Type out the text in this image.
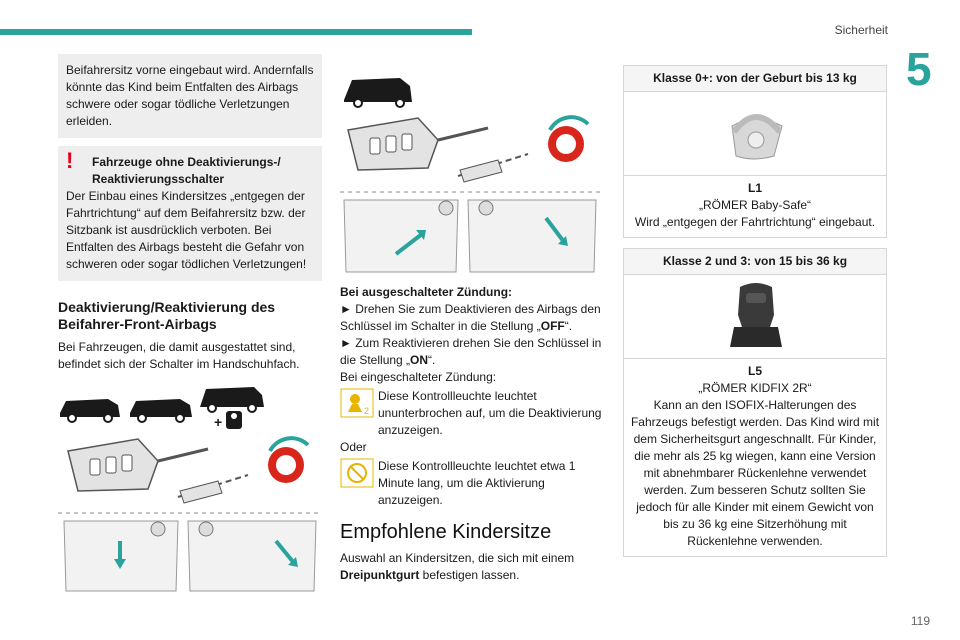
Sicherheit
5
119
Beifahrersitz vorne eingebaut wird. Andernfalls könnte das Kind beim Entfalten des Airbags schwere oder sogar tödliche Verletzungen erleiden.
!	Fahrzeuge ohne Deaktivierungs-/ Reaktivierungsschalter
Der Einbau eines Kindersitzes „entgegen der Fahrtrichtung“ auf dem Beifahrersitz bzw. der Sitzbank ist ausdrücklich verboten. Bei Entfalten des Airbags besteht die Gefahr von schweren oder sogar tödlichen Verletzungen!
Deaktivierung/Reaktivierung des Beifahrer-Front-Airbags

Bei Fahrzeugen, die damit ausgestattet sind, befindet sich der Schalter im Handschuhfach.

+

Bei ausgeschalteter Zündung:

► Drehen Sie zum Deaktivieren des Airbags den Schlüssel im Schalter in die Stellung „OFF“.

► Zum Reaktivieren drehen Sie den Schlüssel in die Stellung „ON“.

Bei eingeschalteter Zündung:

2

Diese Kontrollleuchte leuchtet ununterbrochen auf, um die Deaktivierung anzuzeigen.

Oder

Diese Kontrollleuchte leuchtet etwa 1 Minute lang, um die Aktivierung anzuzeigen.

Empfohlene Kindersitze

Auswahl an Kindersitzen, die sich mit einem Dreipunktgurt befestigen lassen.

Klasse 0+: von der Geburt bis 13 kg
L1
„RÖMER Baby-Safe“
Wird „entgegen der Fahrtrichtung“ eingebaut.
Klasse 2 und 3: von 15 bis 36 kg
L5
„RÖMER KIDFIX 2R“
Kann an den ISOFIX-Halterungen des Fahrzeugs befestigt werden. Das Kind wird mit dem Sicherheitsgurt angeschnallt. Für Kinder, die mehr als 25 kg wiegen, kann eine Version mit abnehmbarer Rückenlehne verwendet werden. Zum besseren Schutz sollten Sie jedoch für alle Kinder mit einem Gewicht von bis zu 36 kg eine Sitzerhöhung mit Rückenlehne verwenden.
